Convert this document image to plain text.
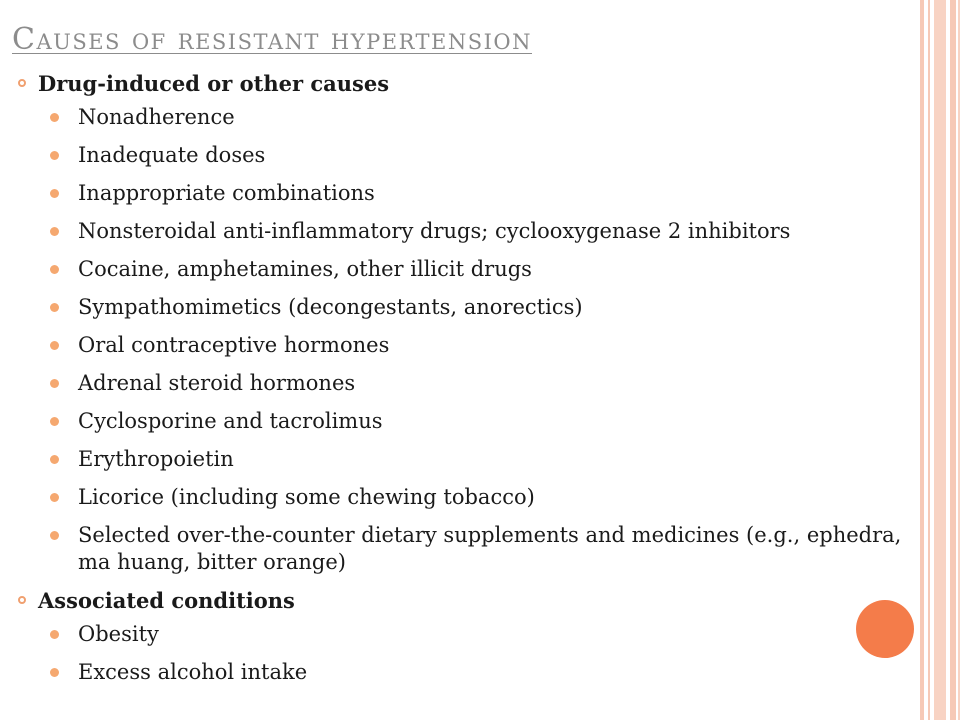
Causes of resistant hypertension
Drug-induced or other causes
Nonadherence
Inadequate doses
Inappropriate combinations
Nonsteroidal anti-inflammatory drugs; cyclooxygenase 2 inhibitors
Cocaine, amphetamines, other illicit drugs
Sympathomimetics (decongestants, anorectics)
Oral contraceptive hormones
Adrenal steroid hormones
Cyclosporine and tacrolimus
Erythropoietin
Licorice (including some chewing tobacco)
Selected over-the-counter dietary supplements and medicines (e.g., ephedra, ma huang, bitter orange)
Associated conditions
Obesity
Excess alcohol intake
